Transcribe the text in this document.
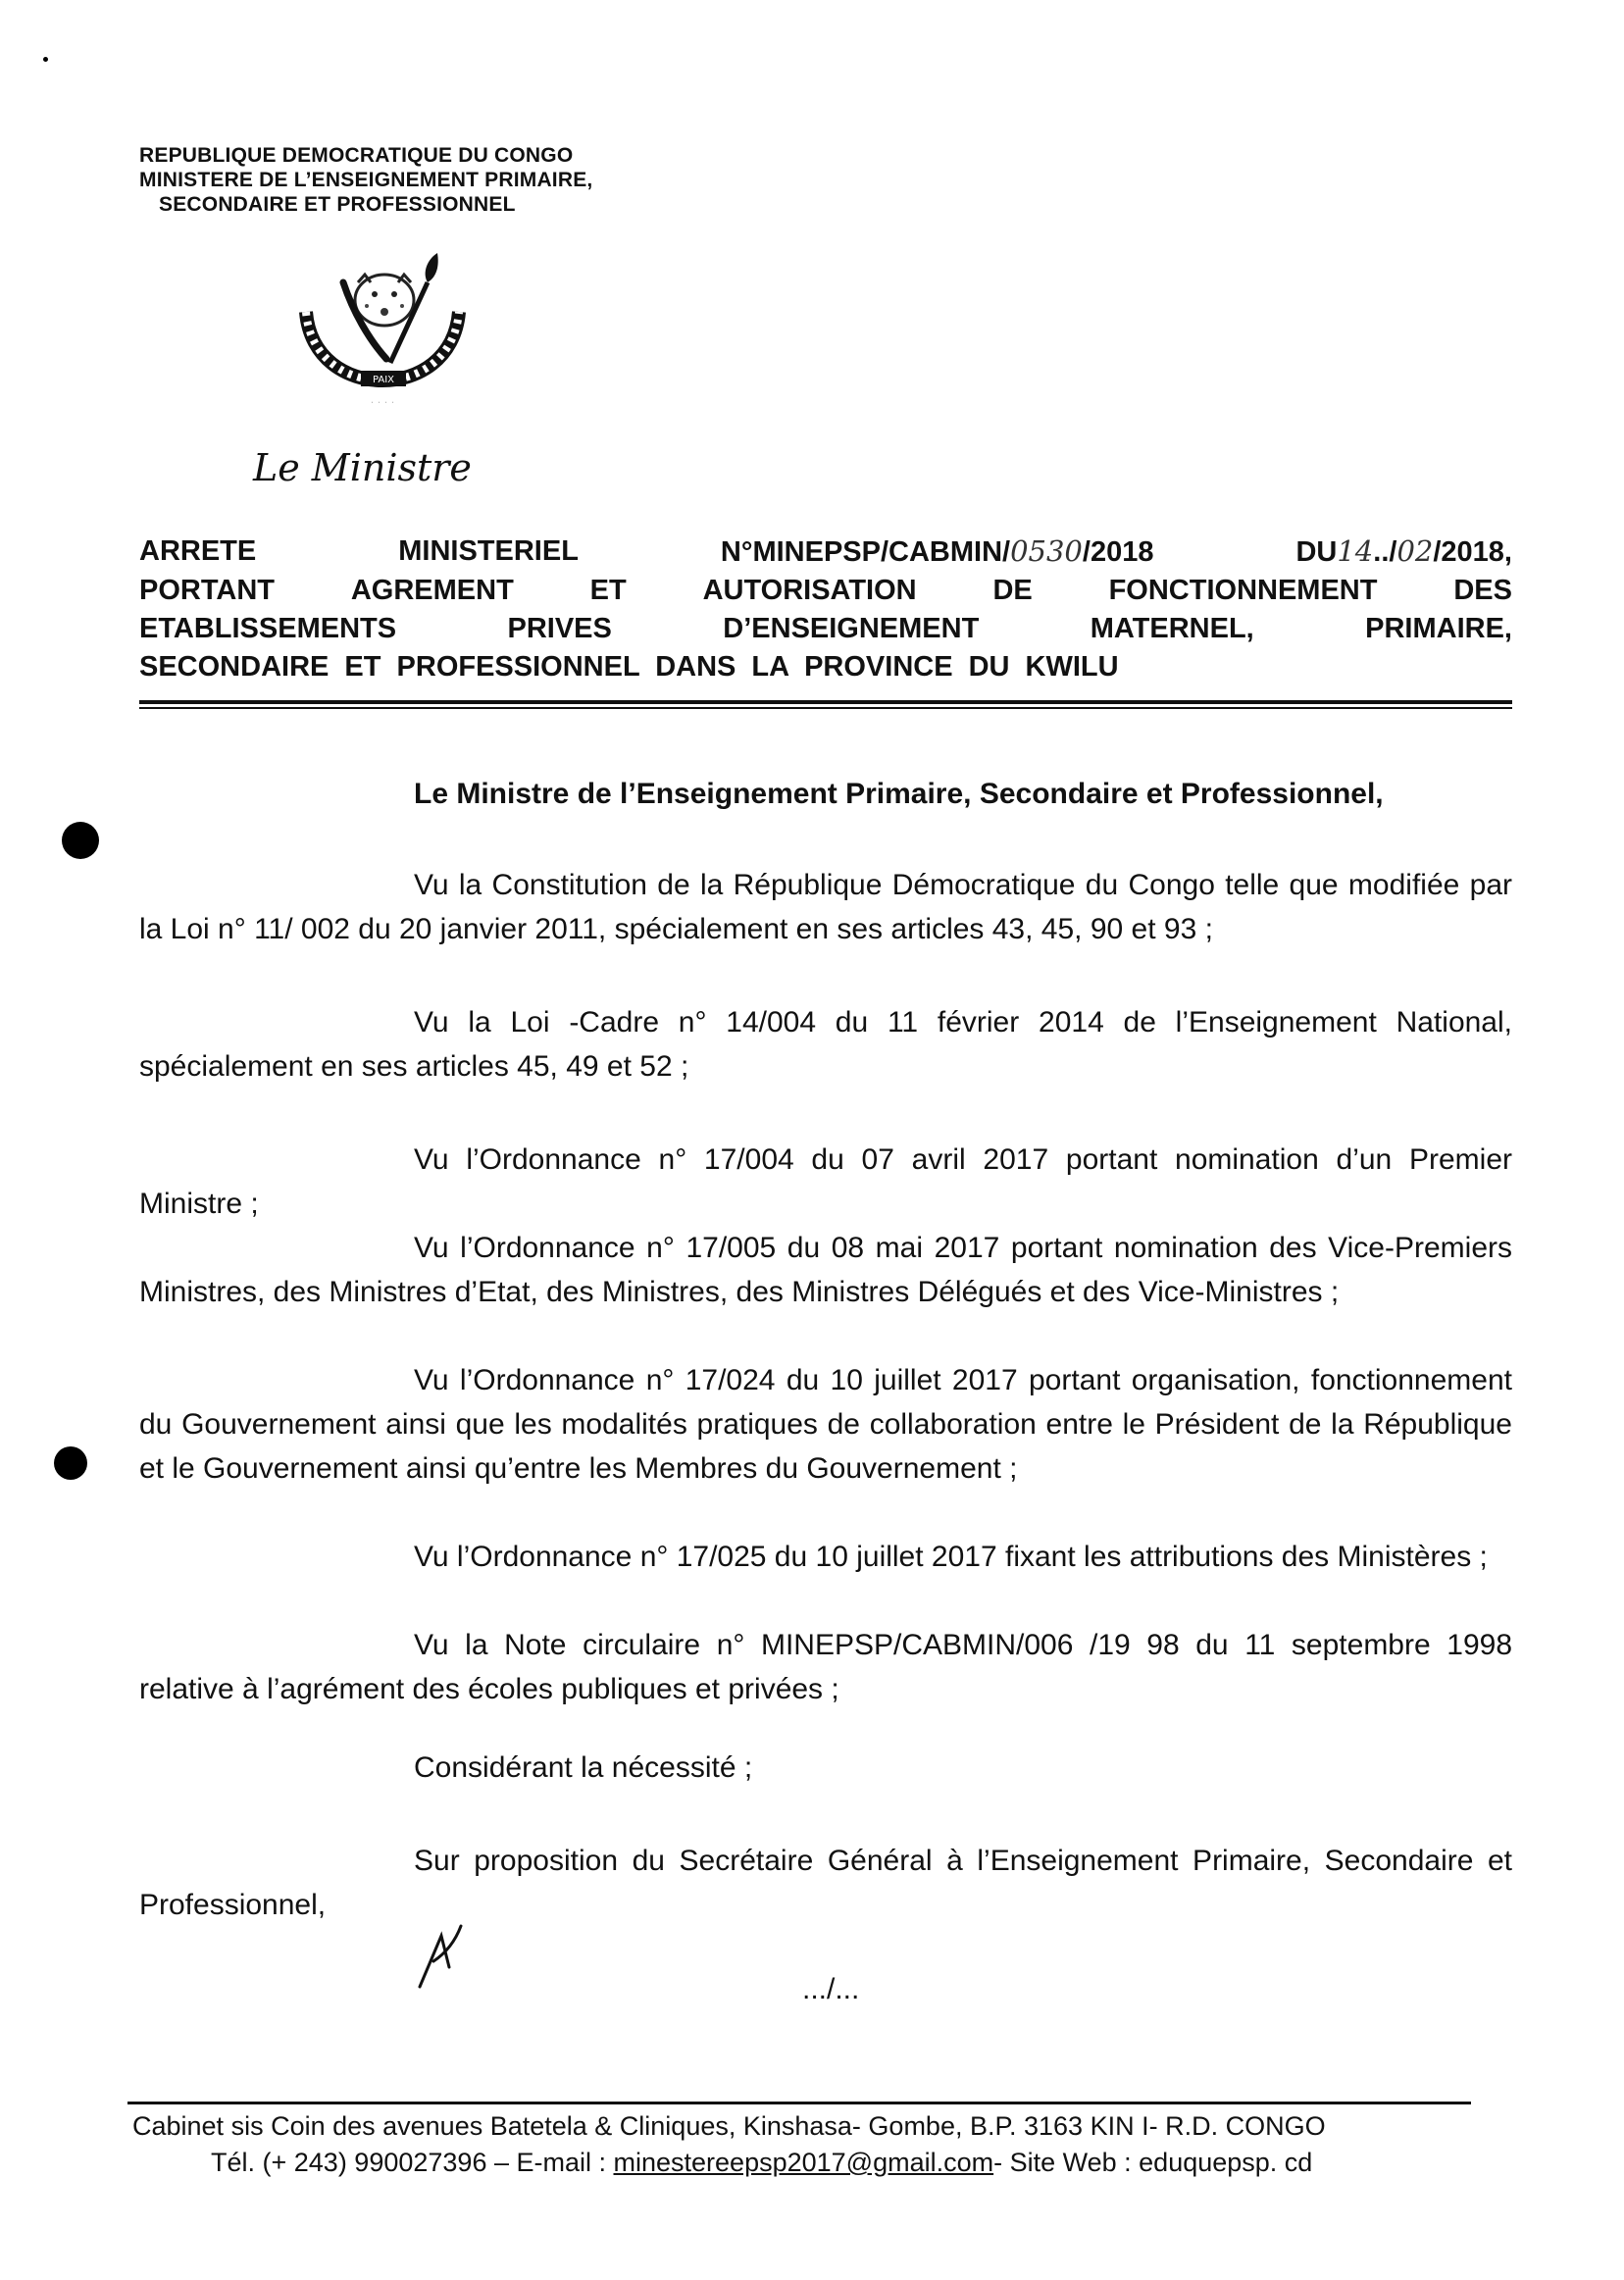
REPUBLIQUE DEMOCRATIQUE DU CONGO
MINISTERE DE L’ENSEIGNEMENT PRIMAIRE,
SECONDAIRE ET PROFESSIONNEL
PAIX
· · · ·
Le Ministre
ARRETE	MINISTERIEL	N°MINEPSP/CABMIN/0530/2018	DU14../02/2018,
PORTANT	AGREMENT	ET	AUTORISATION	DE	FONCTIONNEMENT	DES
ETABLISSEMENTS	PRIVES	D’ENSEIGNEMENT	MATERNEL,	PRIMAIRE,
SECONDAIRE ET PROFESSIONNEL DANS LA PROVINCE DU KWILU
Le Ministre de l’Enseignement Primaire, Secondaire et Professionnel,

Vu la Constitution de la République Démocratique du Congo telle que modifiée par la Loi n° 11/ 002 du 20 janvier 2011, spécialement en ses articles 43, 45, 90 et 93 ;

Vu la Loi -Cadre n° 14/004 du 11 février 2014 de l’Enseignement National, spécialement en ses articles 45, 49 et 52 ;

Vu l’Ordonnance n° 17/004 du 07 avril 2017 portant nomination d’un Premier Ministre ;

Vu l’Ordonnance n° 17/005 du 08 mai 2017 portant nomination des Vice-Premiers Ministres, des Ministres d’Etat, des Ministres, des Ministres Délégués et des Vice-Ministres ;

Vu l’Ordonnance n° 17/024 du 10 juillet 2017 portant organisation, fonctionnement du Gouvernement ainsi que les modalités pratiques de collaboration entre le Président de la République et le Gouvernement ainsi qu’entre les Membres du Gouvernement ;

Vu l’Ordonnance n° 17/025 du 10 juillet 2017 fixant les attributions des Ministères ;

Vu la Note circulaire n° MINEPSP/CABMIN/006 /19 98 du 11 septembre 1998 relative à l’agrément des écoles publiques et privées ;

Considérant la nécessité ;

Sur proposition du Secrétaire Général à l’Enseignement Primaire, Secondaire et Professionnel,

.../...
Cabinet sis Coin des avenues Batetela & Cliniques, Kinshasa- Gombe, B.P. 3163 KIN I- R.D. CONGO
Tél. (+ 243) 990027396 – E-mail : minestereepsp2017@gmail.com- Site Web : eduquepsp. cd
